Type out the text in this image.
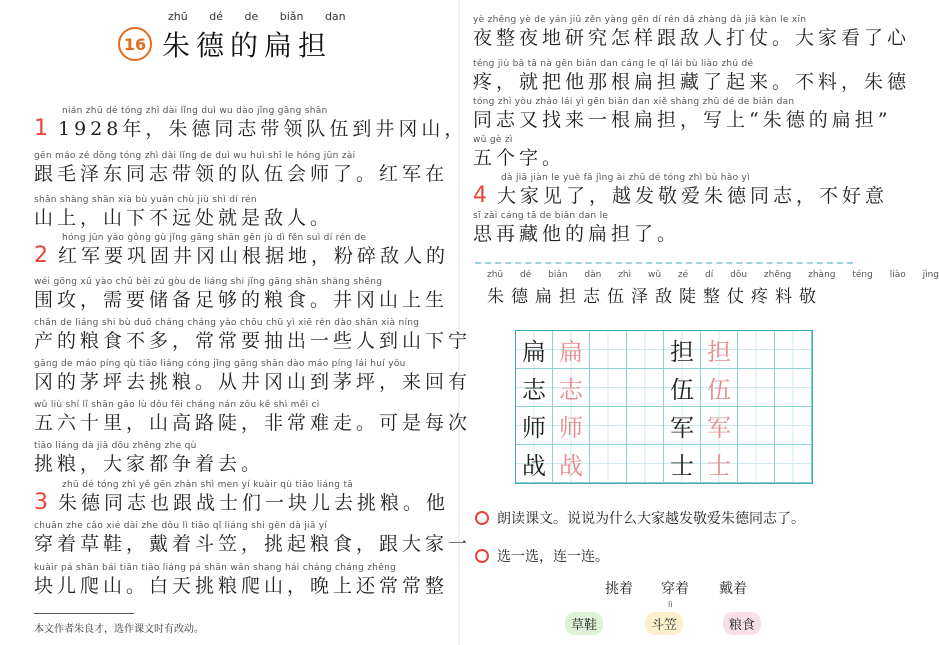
zhū dé de biǎn dan
16 朱德的扁担
nián zhū dé tóng zhì dài lǐng duì wu dào jǐng gāng shān
1 1928年，朱德同志带领队伍到井冈山，
gēn máo zé dōng tóng zhì dài lǐng de duì wu huì shī le hóng jūn zài
跟毛泽东同志带领的队伍会师了。红军在
shān shàng shān xià bù yuǎn chù jiù shì dí rén
山上，山下不远处就是敌人。
hóng jūn yào gǒng gù jǐng gāng shān gēn jù dì fěn suì dí rén de
2 红军要巩固井冈山根据地，粉碎敌人的
wéi gōng xū yào chǔ bèi zú gòu de liáng shi jǐng gāng shān shàng shēng
围攻，需要储备足够的粮食。井冈山上生
chǎn de liáng shi bù duō cháng cháng yào chōu chū yì xiē rén dào shān xià níng
产的粮食不多，常常要抽出一些人到山下宁
gāng de máo píng qù tiāo liáng cóng jǐng gāng shān dào máo píng lái huí yǒu
冈的茅坪去挑粮。从井冈山到茅坪，来回有
wǔ liù shí lǐ shān gāo lù dǒu fēi cháng nán zǒu kě shì měi cì
五六十里，山高路陡，非常难走。可是每次
tiāo liáng dà jiā dōu zhēng zhe qù
挑粮，大家都争着去。
zhū dé tóng zhì yě gēn zhàn shì men yí kuàir qù tiāo liáng tā
3 朱德同志也跟战士们一块儿去挑粮。他
chuān zhe cǎo xié dài zhe dǒu lì tiāo qǐ liáng shi gēn dà jiā yí
穿着草鞋，戴着斗笠，挑起粮食，跟大家一
kuàir pá shān bái tiān tiāo liáng pá shān wǎn shang hái cháng cháng zhěng
块儿爬山。白天挑粮爬山，晚上还常常整
本文作者朱良才，选作课文时有改动。
yè zhěng yè de yán jiū zěn yàng gēn dí rén dǎ zhàng dà jiā kàn le xīn
夜整夜地研究怎样跟敌人打仗。大家看了心
téng jiù bǎ tā nà gēn biǎn dan cáng le qǐ lái bù liào zhū dé
疼，就把他那根扁担藏了起来。不料，朱德
tóng zhì yòu zhǎo lái yì gēn biǎn dan xiě shàng zhū dé de biǎn dan
同志又找来一根扁担，写上“朱德的扁担”
wǔ gè zì
五个字。
dà jiā jiàn le yuè fā jìng ài zhū dé tóng zhì bù hǎo yì
4 大家见了，越发敬爱朱德同志，不好意
sī zài cáng tā de biǎn dan le
思再藏他的扁担了。
zhū dé biǎn dàn zhì wǔ zé dí dǒu zhěng zhàng téng liào jìng
朱德扁担志伍泽敌陡整仗疼料敬
扁 扁	担 担
志 志	伍 伍
师 师	军 军
战 战	士 士
朗读课文。说说为什么大家越发敬爱朱德同志了。
选一选，连一连。
挑着 穿着 戴着
lì
草鞋	斗笠	粮食
